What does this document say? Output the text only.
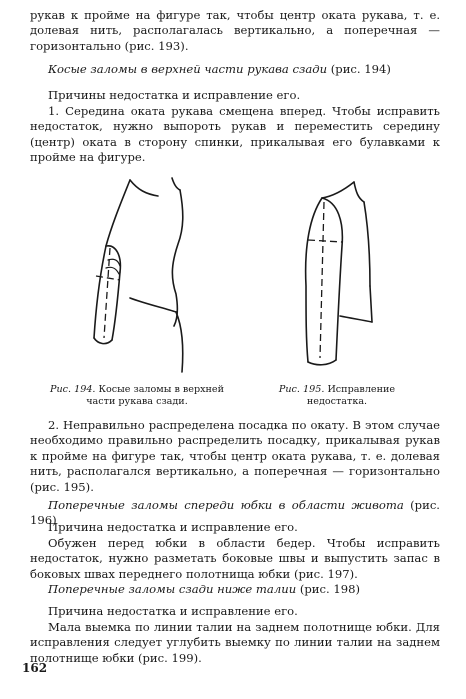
рукав к пройме на фигуре так, чтобы центр оката рукава, т. е. долевая нить, располагалась вертикально, а поперечная — горизонтально (рис. 193).

Косые заломы в верхней части рукава сзади (рис. 194)

Причины недостатка и исправление его.

1. Середина оката рукава смещена вперед. Чтобы исправить недостаток, нужно выпороть рукав и переместить середину (центр) оката в сторону спинки, прикалывая его булавками к пройме на фигуре.

Рис. 194. Косые заломы в верхней части рукава сзади.

Рис. 195. Исправление недостатка.

2. Неправильно распределена посадка по окату. В этом случае необходимо правильно распределить посадку, прикалывая рукав к пройме на фигуре так, чтобы центр оката рукава, т. е. долевая нить, располагался вертикально, а поперечная — горизонтально (рис. 195).

Поперечные заломы спереди юбки в области живота (рис. 196)

Причина недостатка и исправление его.

Обужен перед юбки в области бедер. Чтобы исправить недостаток, нужно разметать боковые швы и выпустить запас в боковых швах переднего полотнища юбки (рис. 197).

Поперечные заломы сзади ниже талии (рис. 198)

Причина недостатка и исправление его.

Мала выемка по линии талии на заднем полотнище юбки. Для исправления следует углубить выемку по линии талии на заднем полотнище юбки (рис. 199).

162
